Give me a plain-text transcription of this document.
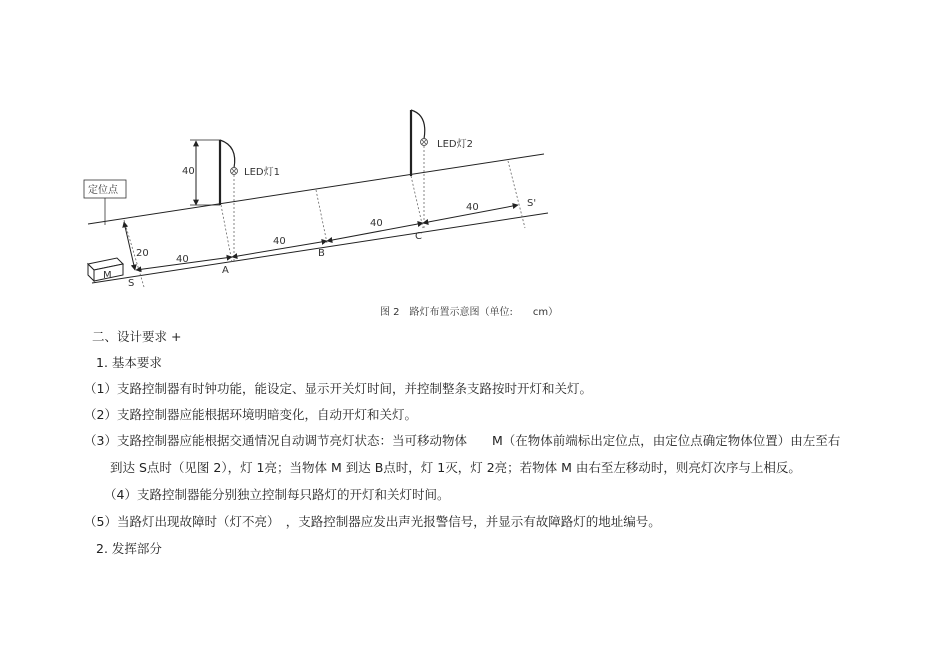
40	LED灯1
LED灯2
定位点
20
M
40
40
40
40
S
A
B
C
S'
图 2　路灯布置示意图（单位:　　cm）
二、设计要求 +
1. 基本要求
（1）支路控制器有时钟功能，能设定、显示开关灯时间，并控制整条支路按时开灯和关灯。
（2）支路控制器应能根据环境明暗变化，自动开灯和关灯。
（3）支路控制器应能根据交通情况自动调节亮灯状态：当可移动物体　　M（在物体前端标出定位点，由定位点确定物体位置）由左至右
到达 S点时（见图 2），灯 1亮；当物体 M 到达 B点时，灯 1灭，灯 2亮；若物体 M 由右至左移动时，则亮灯次序与上相反。
（4）支路控制器能分别独立控制每只路灯的开灯和关灯时间。
（5）当路灯出现故障时（灯不亮）　，支路控制器应发出声光报警信号，并显示有故障路灯的地址编号。
2. 发挥部分
